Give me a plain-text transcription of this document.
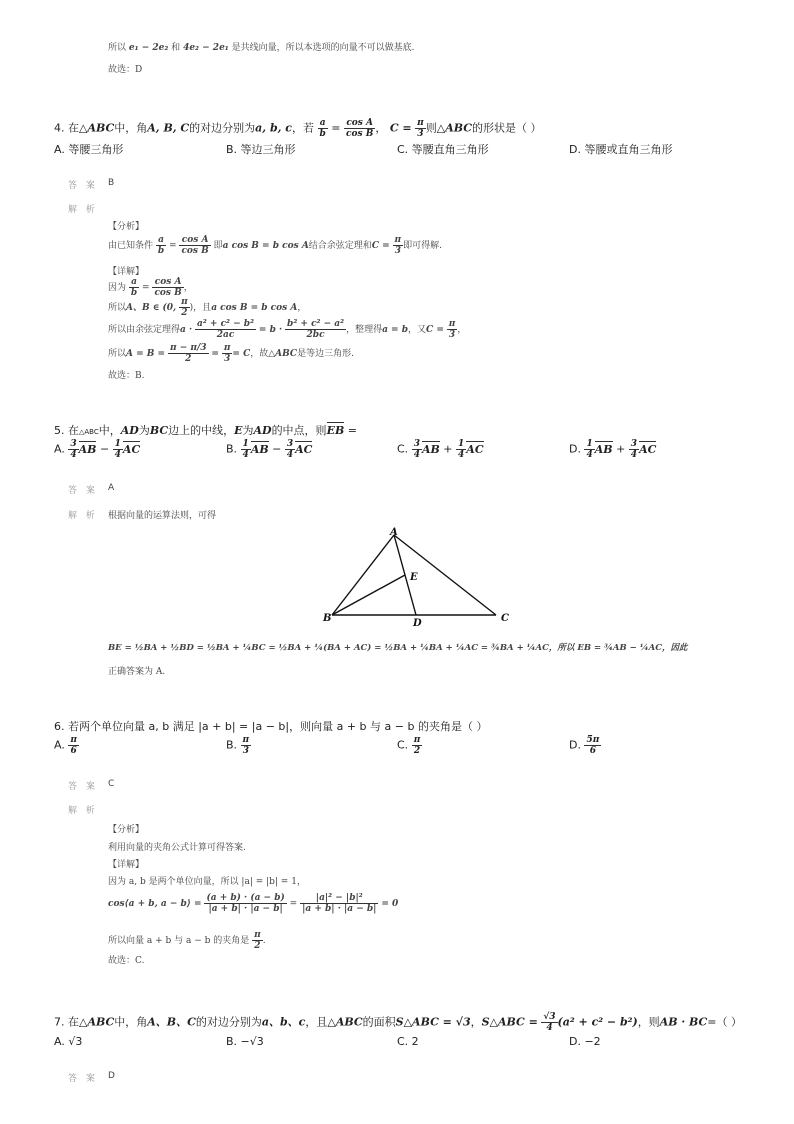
所以 e₁ − 2e₂ 和 4e₂ − 2e₁ 是共线向量，所以本选项的向量不可以做基底.
故选：D
4. 在△ABC中，角A, B, C的对边分别为a, b, c，若 $\frac{a}{b} = \frac{\text{cos A}}{\text{cos B}}$ ， $C = \frac{\pi}{3}$ 则△ABC的形状是（ ）
A. 等腰三角形	B. 等边三角形	C. 等腰直角三角形	D. 等腰或直角三角形
答 案 B
解 析
【分析】
由已知条件 $\frac{a}{b} = \frac{\text{cos A}}{\text{cos B}}$ 即a cos B = b cos A结合余弦定理和$C = \frac{\pi}{3}$ 即可得解.
【详解】
因为 $\frac{a}{b} = \frac{\text{cos A}}{\text{cos B}}$ ，
所以A、B ∈ (0, $\frac{\pi}{2}$ )，且a cos B = b cos A，
所以由余弦定理得$a \cdot \frac{\text{a² + c² − b²}}{2ac} = b \cdot \frac{\text{b² + c² − a²}}{2bc}$ ，整理得a = b，又$C = \frac{\pi}{3}$ ，
所以$A = B = \frac{\pi - \pi/3}{2} = \frac{\pi}{3} = C$，故△ABC是等边三角形.
故选：B.
5. 在△ABC中，AD为BC边上的中线，E为AD的中点，则EB =
A. $\frac{3}{4}$ AB − $\frac{1}{4}$ AC	B. $\frac{1}{4}$ AB − $\frac{3}{4}$ AC	C. $\frac{3}{4}$ AB + $\frac{1}{4}$ AC	D. $\frac{1}{4}$ AB + $\frac{3}{4}$ AC
答 案 A
解 析 根据向量的运算法则，可得
A
B	C
D
E
BE = ½BA + ½BD = ½BA + ¼BC = ½BA + ¼(BA + AC) = ½BA + ¼BA + ¼AC = ¾BA + ¼AC，所以 EB = ¾AB − ¼AC，因此
正确答案为 A.
6. 若两个单位向量 a, b 满足 |a + b| = |a − b|，则向量 a + b 与 a − b 的夹角是（ ）
A. $\frac{\pi}{6}$	B. $\frac{\pi}{3}$	C. $\frac{\pi}{2}$	D. $\frac{5\pi}{6}$
答 案 C
解 析
【分析】
利用向量的夹角公式计算可得答案.
【详解】
因为 a, b 是两个单位向量，所以 |a| = |b| = 1，
cos⟨a + b, a − b⟩ = $\frac{(a + b) \cdot (a - b)}{|a + b| \cdot |a - b|} = \frac{\text{|a|² − |b|²}}{|a + b| \cdot |a - b|} = 0$
所以向量 a + b 与 a − b 的夹角是 $\frac{\pi}{2}$ .
故选：C.
7. 在△ABC中，角A、B、C的对边分别为a、b、c，且△ABC的面积S△ABC = √3，S△ABC = $\frac{√3}{4} (a^2 + c^2 - b^2)$，则AB · BC=（ ）
A. √3	B. −√3	C. 2	D. −2
答 案 D
